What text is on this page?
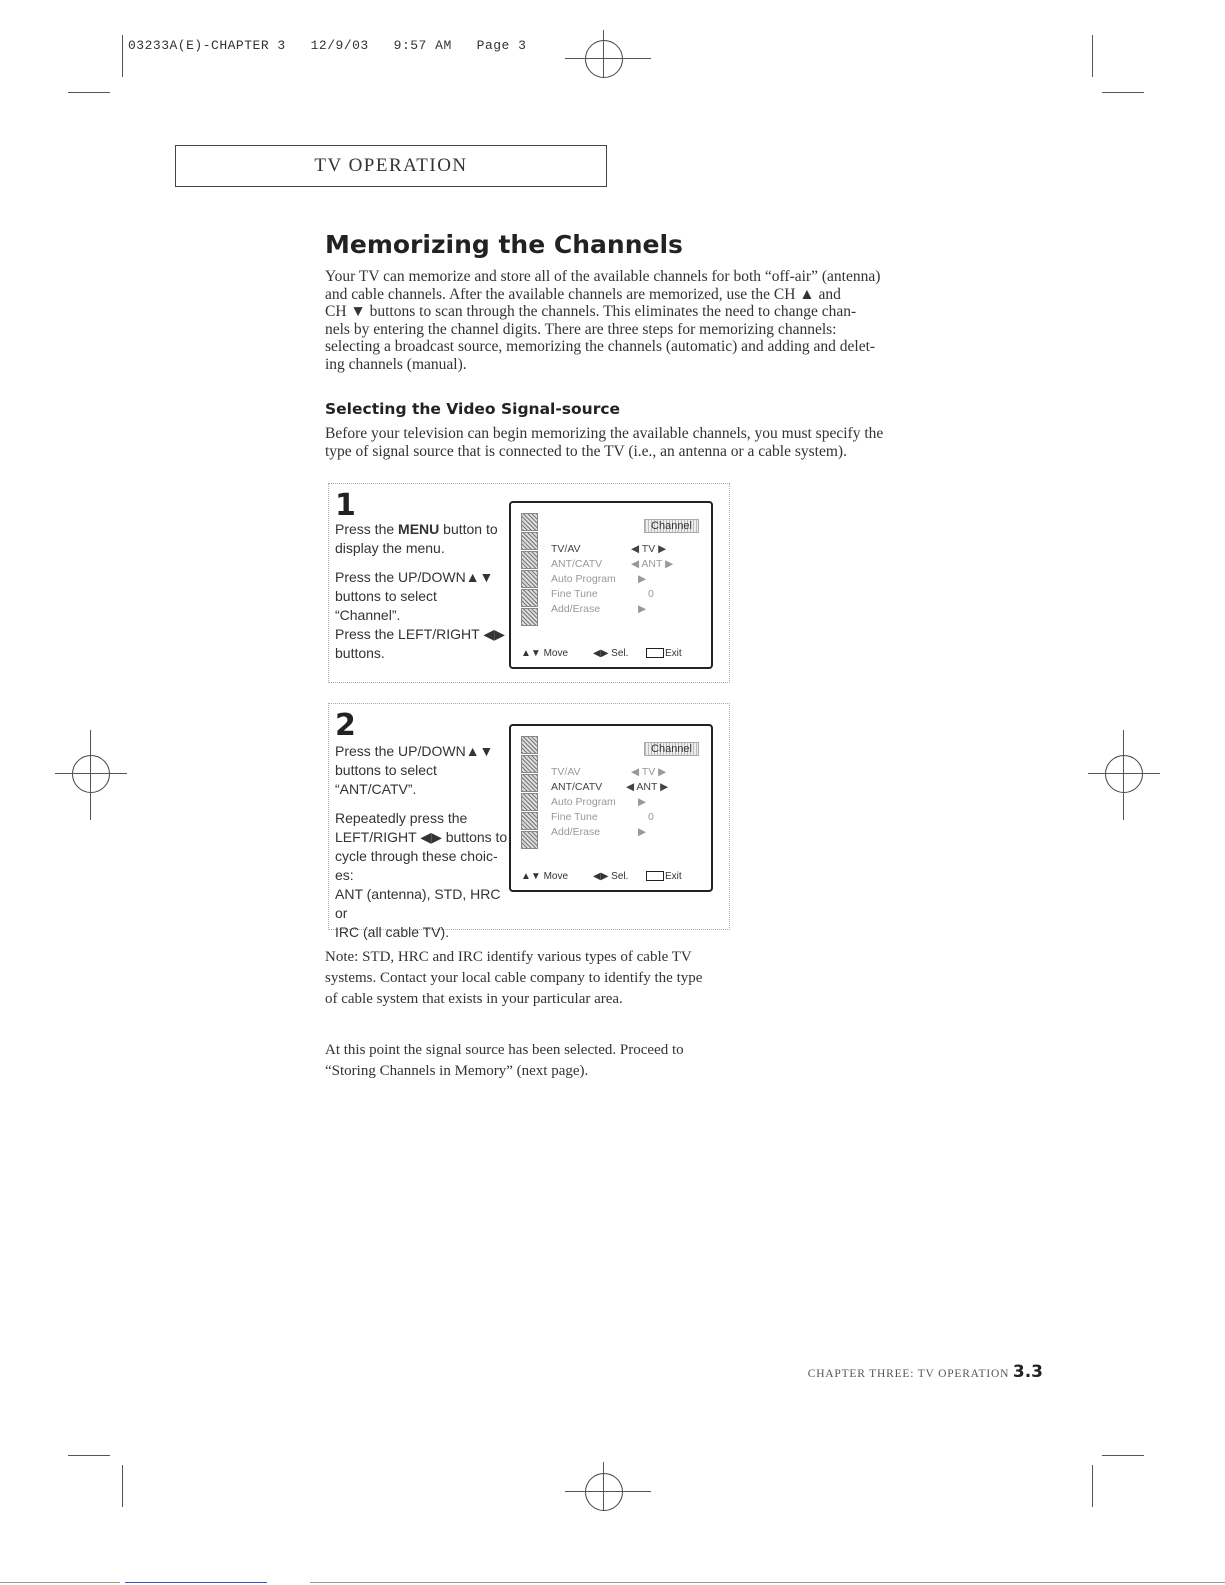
03233A(E)-CHAPTER 3   12/9/03   9:57 AM   Page 3
TV OPERATION
Memorizing the Channels
Your TV can memorize and store all of the available channels for both “off-air” (antenna)
and cable channels. After the available channels are memorized, use the CH ▲ and
CH ▼ buttons to scan through the channels. This eliminates the need to change chan-
nels by entering the channel digits. There are three steps for memorizing channels:
selecting a broadcast source, memorizing the channels (automatic) and adding and delet-
ing channels (manual).
Selecting the Video Signal-source
Before your television can begin memorizing the available channels, you must specify the
type of signal source that is connected to the TV (i.e., an antenna or a cable system).
1
Press the MENU button to
display the menu.
Press the UP/DOWN▲▼
buttons to select
“Channel”.
Press the LEFT/RIGHT ◀▶
buttons.
Channel
TV/AV	◀ TV ▶
ANT/CATV	◀ ANT ▶
Auto Program ▶
Fine Tune	0
Add/Erase	▶
▲▼ Move ◀▶ Sel.	Exit
2
Press the UP/DOWN▲▼
buttons to select
“ANT/CATV”.
Repeatedly press the
LEFT/RIGHT ◀▶ buttons to
cycle through these choic-
es:
ANT (antenna), STD, HRC or
IRC (all cable TV).
Channel
TV/AV	◀ TV ▶
ANT/CATV ◀ ANT ▶
Auto Program ▶
Fine Tune	0
Add/Erase	▶
▲▼ Move ◀▶ Sel.	Exit
Note: STD, HRC and IRC identify various types of cable TV
systems. Contact your local cable company to identify the type
of cable system that exists in your particular area.
At this point the signal source has been selected. Proceed to
“Storing Channels in Memory” (next page).
CHAPTER THREE: TV OPERATION 3.3
